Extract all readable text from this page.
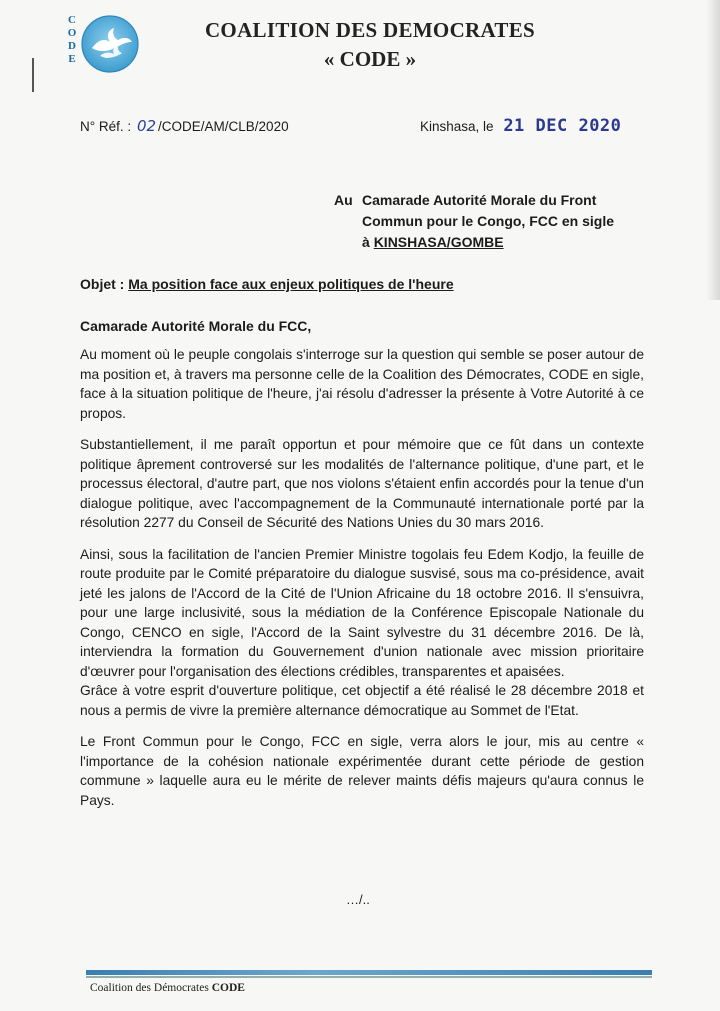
C
O
D
E
COALITION DES DEMOCRATES
« CODE »
N° Réf. : 02 /CODE/AM/CLB/2020	Kinshasa, le 21 DEC 2020
Au Camarade Autorité Morale du Front
Commun pour le Congo, FCC en sigle
à KINSHASA/GOMBE
Objet : Ma position face aux enjeux politiques de l'heure
Camarade Autorité Morale du FCC,

Au moment où le peuple congolais s'interroge sur la question qui semble se poser autour de ma position et, à travers ma personne celle de la Coalition des Démocrates, CODE en sigle, face à la situation politique de l'heure, j'ai résolu d'adresser la présente à Votre Autorité à ce propos.

Substantiellement, il me paraît opportun et pour mémoire que ce fût dans un contexte politique âprement controversé sur les modalités de l'alternance politique, d'une part, et le processus électoral, d'autre part, que nos violons s'étaient enfin accordés pour la tenue d'un dialogue politique, avec l'accompagnement de la Communauté internationale porté par la résolution 2277 du Conseil de Sécurité des Nations Unies du 30 mars 2016.

Ainsi, sous la facilitation de l'ancien Premier Ministre togolais feu Edem Kodjo, la feuille de route produite par le Comité préparatoire du dialogue susvisé, sous ma co-présidence, avait jeté les jalons de l'Accord de la Cité de l'Union Africaine du 18 octobre 2016. Il s'ensuivra, pour une large inclusivité, sous la médiation de la Conférence Episcopale Nationale du Congo, CENCO en sigle, l'Accord de la Saint sylvestre du 31 décembre 2016. De là, interviendra la formation du Gouvernement d'union nationale avec mission prioritaire d'œuvrer pour l'organisation des élections crédibles, transparentes et apaisées.

Grâce à votre esprit d'ouverture politique, cet objectif a été réalisé le 28 décembre 2018 et nous a permis de vivre la première alternance démocratique au Sommet de l'Etat.

Le Front Commun pour le Congo, FCC en sigle, verra alors le jour, mis au centre « l'importance de la cohésion nationale expérimentée durant cette période de gestion commune » laquelle aura eu le mérite de relever maints défis majeurs qu'aura connus le Pays.

…/..
Coalition des Démocrates CODE
